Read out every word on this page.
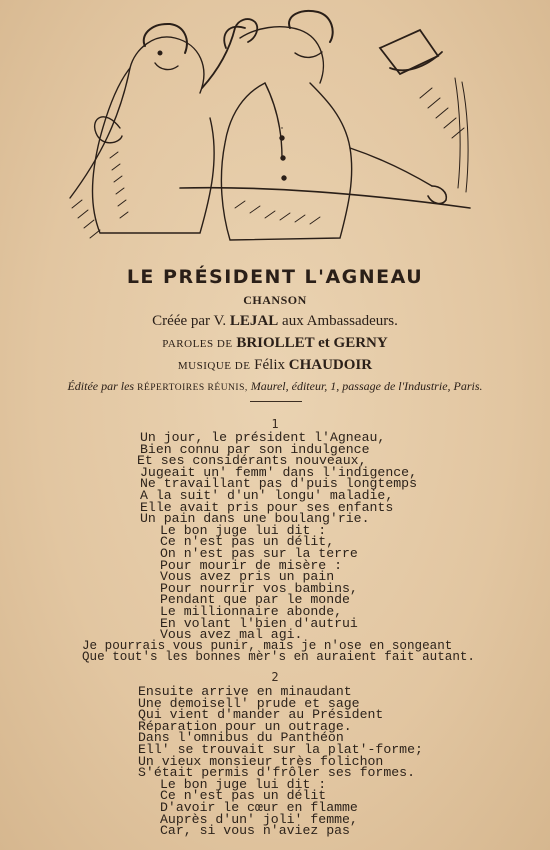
LE PRÉSIDENT L'AGNEAU
CHANSON
Créée par V. LEJAL aux Ambassadeurs.
PAROLES DE BRIOLLET et GERNY
MUSIQUE DE Félix CHAUDOIR
Éditée par les RÉPERTOIRES RÉUNIS, Maurel, éditeur, 1, passage de l'Industrie, Paris.
1
Un jour, le président l'Agneau,
Bien connu par son indulgence
Et ses considérants nouveaux,
Jugeait un' femm' dans l'indigence,
Ne travaillant pas d'puis longtemps
A la suit' d'un' longu' maladie,
Elle avait pris pour ses enfants
Un pain dans une boulang'rie.
Le bon juge lui dit :
Ce n'est pas un délit,
On n'est pas sur la terre
Pour mourir de misère :
Vous avez pris un pain
Pour nourrir vos bambins,
Pendant que par le monde
Le millionnaire abonde,
En volant l'bien d'autrui
Vous avez mal agi.
Je pourrais vous punir, mais je n'ose en songeant
Que tout's les bonnes mèr's en auraient fait autant.
2
Ensuite arrive en minaudant
Une demoisell' prude et sage
Qui vient d'mander au Président
Réparation pour un outrage.
Dans l'omnibus du Panthéon
Ell' se trouvait sur la plat'-forme;
Un vieux monsieur très folichon
S'était permis d'frôler ses formes.
Le bon juge lui dit :
Ce n'est pas un délit
D'avoir le cœur en flamme
Auprès d'un' joli' femme,
Car, si vous n'aviez pas
